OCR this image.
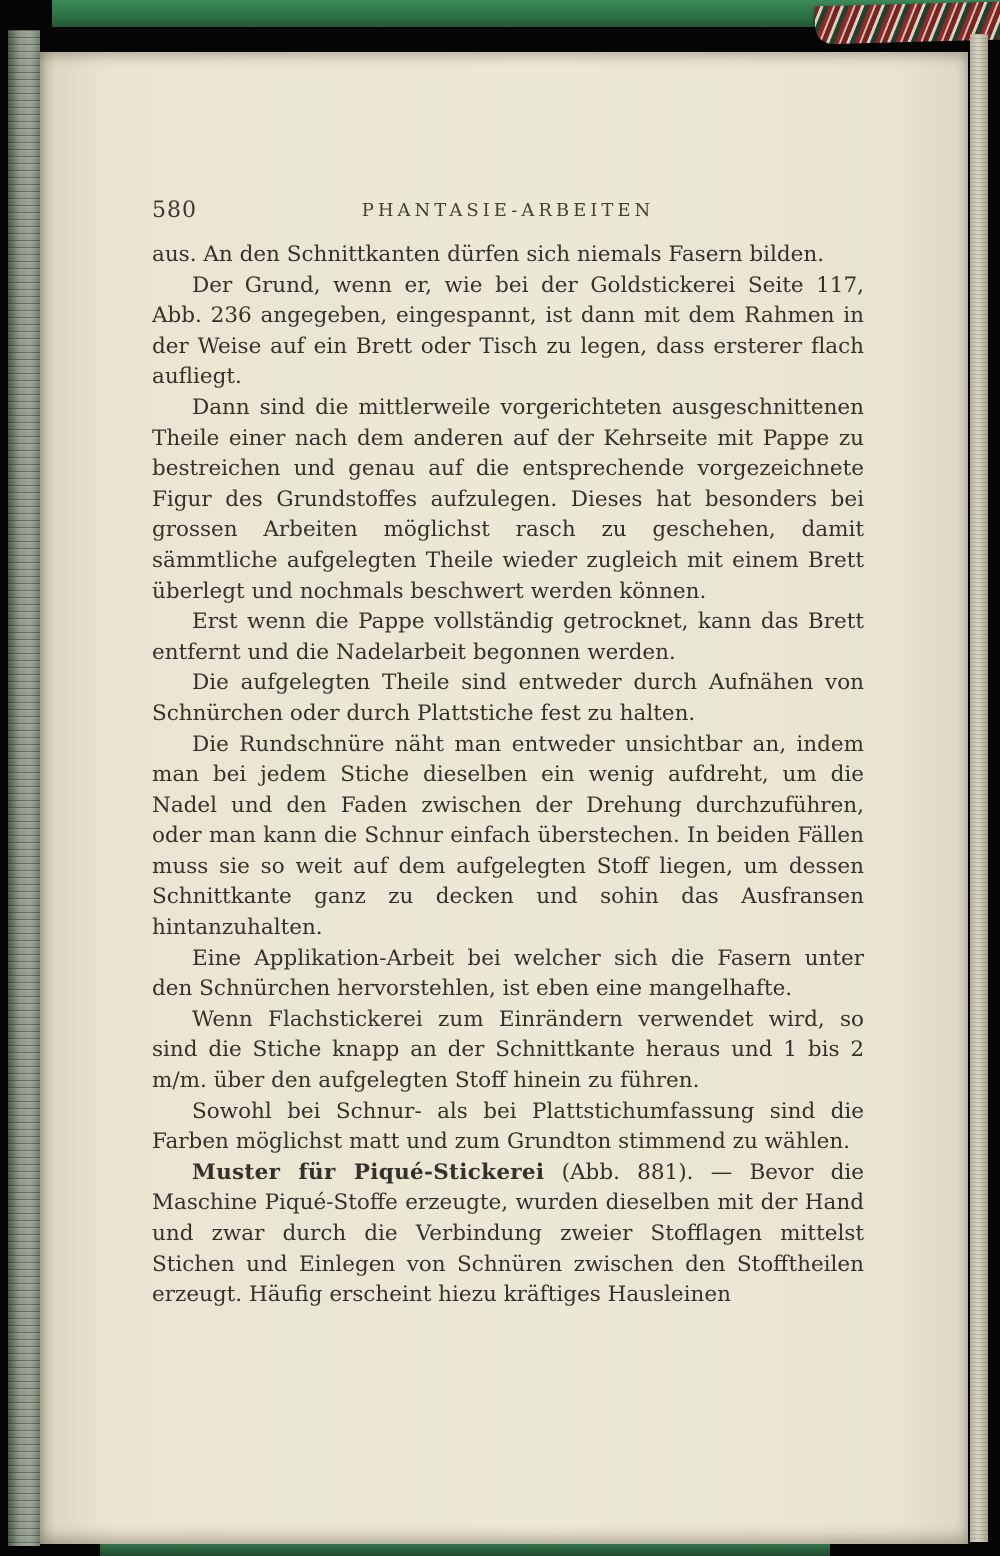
580	PHANTASIE-ARBEITEN

aus. An den Schnittkanten dürfen sich niemals Fasern bilden.

Der Grund, wenn er, wie bei der Goldstickerei Seite 117, Abb. 236 angegeben, eingespannt, ist dann mit dem Rahmen in der Weise auf ein Brett oder Tisch zu legen, dass ersterer flach aufliegt.

Dann sind die mittlerweile vorgerichteten ausgeschnittenen Theile einer nach dem anderen auf der Kehrseite mit Pappe zu bestreichen und genau auf die entsprechende vorgezeichnete Figur des Grundstoffes aufzulegen. Dieses hat besonders bei grossen Arbeiten möglichst rasch zu geschehen, damit sämmtliche aufgelegten Theile wieder zugleich mit einem Brett überlegt und nochmals beschwert werden können.

Erst wenn die Pappe vollständig getrocknet, kann das Brett entfernt und die Nadelarbeit begonnen werden.

Die aufgelegten Theile sind entweder durch Aufnähen von Schnürchen oder durch Plattstiche fest zu halten.

Die Rundschnüre näht man entweder unsichtbar an, indem man bei jedem Stiche dieselben ein wenig aufdreht, um die Nadel und den Faden zwischen der Drehung durchzuführen, oder man kann die Schnur einfach überstechen. In beiden Fällen muss sie so weit auf dem aufgelegten Stoff liegen, um dessen Schnittkante ganz zu decken und sohin das Ausfransen hintanzuhalten.

Eine Applikation-Arbeit bei welcher sich die Fasern unter den Schnürchen hervorstehlen, ist eben eine mangelhafte.

Wenn Flachstickerei zum Einrändern verwendet wird, so sind die Stiche knapp an der Schnittkante heraus und 1 bis 2 m/m. über den aufgelegten Stoff hinein zu führen.

Sowohl bei Schnur- als bei Plattstichumfassung sind die Farben möglichst matt und zum Grundton stimmend zu wählen.

Muster für Piqué-Stickerei (Abb. 881). — Bevor die Maschine Piqué-Stoffe erzeugte, wurden dieselben mit der Hand und zwar durch die Verbindung zweier Stofflagen mittelst Stichen und Einlegen von Schnüren zwischen den Stofftheilen erzeugt. Häufig erscheint hiezu kräftiges Hausleinen
